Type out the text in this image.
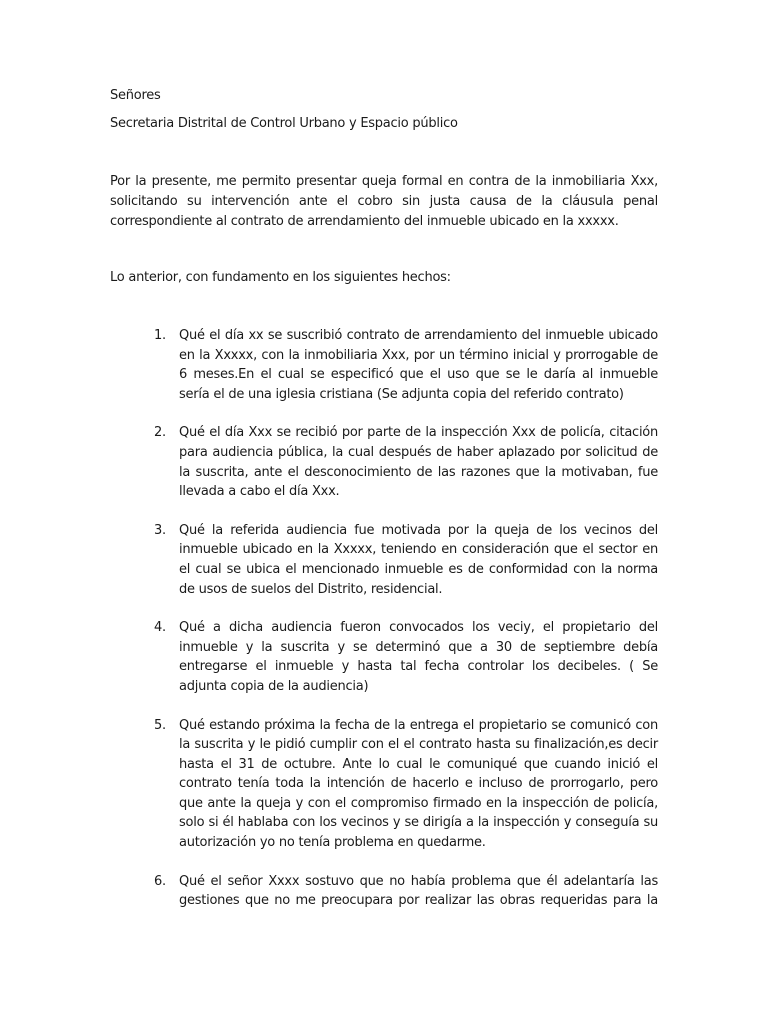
Señores

Secretaria Distrital de Control Urbano y Espacio público

Por la presente, me permito presentar queja formal en contra de la inmobiliaria Xxx, solicitando su intervención ante el cobro sin justa causa de la cláusula penal correspondiente al contrato de arrendamiento del inmueble ubicado en la xxxxx.

Lo anterior, con fundamento en los siguientes hechos:

1.	Qué el día xx se suscribió contrato de arrendamiento del inmueble ubicado en la Xxxxx, con la inmobiliaria Xxx, por un término inicial y prorrogable de 6 meses.En el cual se especificó que el uso que se le daría al inmueble sería el de una iglesia cristiana (Se adjunta copia del referido contrato)
2.	Qué el día Xxx se recibió por parte de la inspección Xxx de policía, citación para audiencia pública, la cual después de haber aplazado por solicitud de la suscrita, ante el desconocimiento de las razones que la motivaban, fue llevada a cabo el día Xxx.
3.	Qué la referida audiencia fue motivada por la queja de los vecinos del inmueble ubicado en la Xxxxx, teniendo en consideración que el sector en el cual se ubica el mencionado inmueble es de conformidad con la norma de usos de suelos del Distrito, residencial.
4.	Qué a dicha audiencia fueron convocados los veciy, el propietario del inmueble y la suscrita y se determinó que a 30 de septiembre debía entregarse el inmueble y hasta tal fecha controlar los decibeles. ( Se adjunta copia de la audiencia)
5.	Qué estando próxima la fecha de la entrega el propietario se comunicó con la suscrita y le pidió cumplir con el el contrato hasta su finalización,es decir hasta el 31 de octubre. Ante lo cual le comuniqué que cuando inició el contrato tenía toda la intención de hacerlo e incluso de prorrogarlo, pero que ante la queja y con el compromiso firmado en la inspección de policía, solo si él hablaba con los vecinos y se dirigía a la inspección y conseguía su autorización yo no tenía problema en quedarme.
6.	Qué el señor Xxxx sostuvo que no había problema que él adelantaría las gestiones que no me preocupara por realizar las obras requeridas para la
